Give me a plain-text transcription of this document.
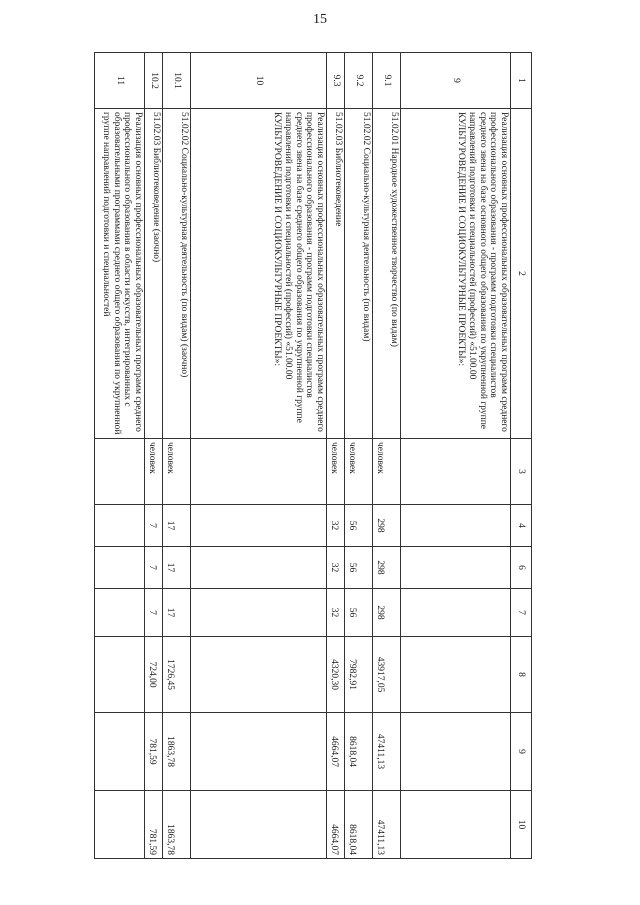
15
1	2	3	4	6	7	8	9	10
9	Реализация основных профессиональных образовательных программ среднего профессионального образования - программ подготовки специалистов среднего звена на базе основного общего образования по укрупненной группе направлений подготовки и специальностей (профессий) «51.00.00 КУЛЬТУРОВЕДЕНИЕ И СОЦИОКУЛЬТУРНЫЕ ПРОЕКТЫ»:							
9.1	51.02.01 Народное художественное творчество (по видам)	человек	298	298	298	43917,05	47411,13	47411,13
9.2	51.02.02 Социально-культурная деятельность (по видам)	человек	56	56	56	7982,91	8618,04	8618,04
9.3	51.02.03 Библиотековедение	человек	32	32	32	4320,30	4664,07	4664,07
10	Реализация основных профессиональных образовательных программ среднего профессионального образования - программ подготовки специалистов среднего звена на базе среднего общего образования по укрупненной группе направлений подготовки и специальностей (профессий) «51.00.00 КУЛЬТУРОВЕДЕНИЕ И СОЦИОКУЛЬТУРНЫЕ ПРОЕКТЫ»:							
10.1	51.02.02 Социально-культурная деятельность (по видам) (заочно)	человек	17	17	17	1726,45	1863,78	1863,78
10.2	51.02.03 Библиотековедение (заочно)	человек	7	7	7	724,00	781,59	781,59
11	Реализация основных профессиональных образовательных программ среднего профессионального образования в области искусств, интегрированных с образовательными программами среднего общего образования по укрупненной группе направлений подготовки и специальностей							
